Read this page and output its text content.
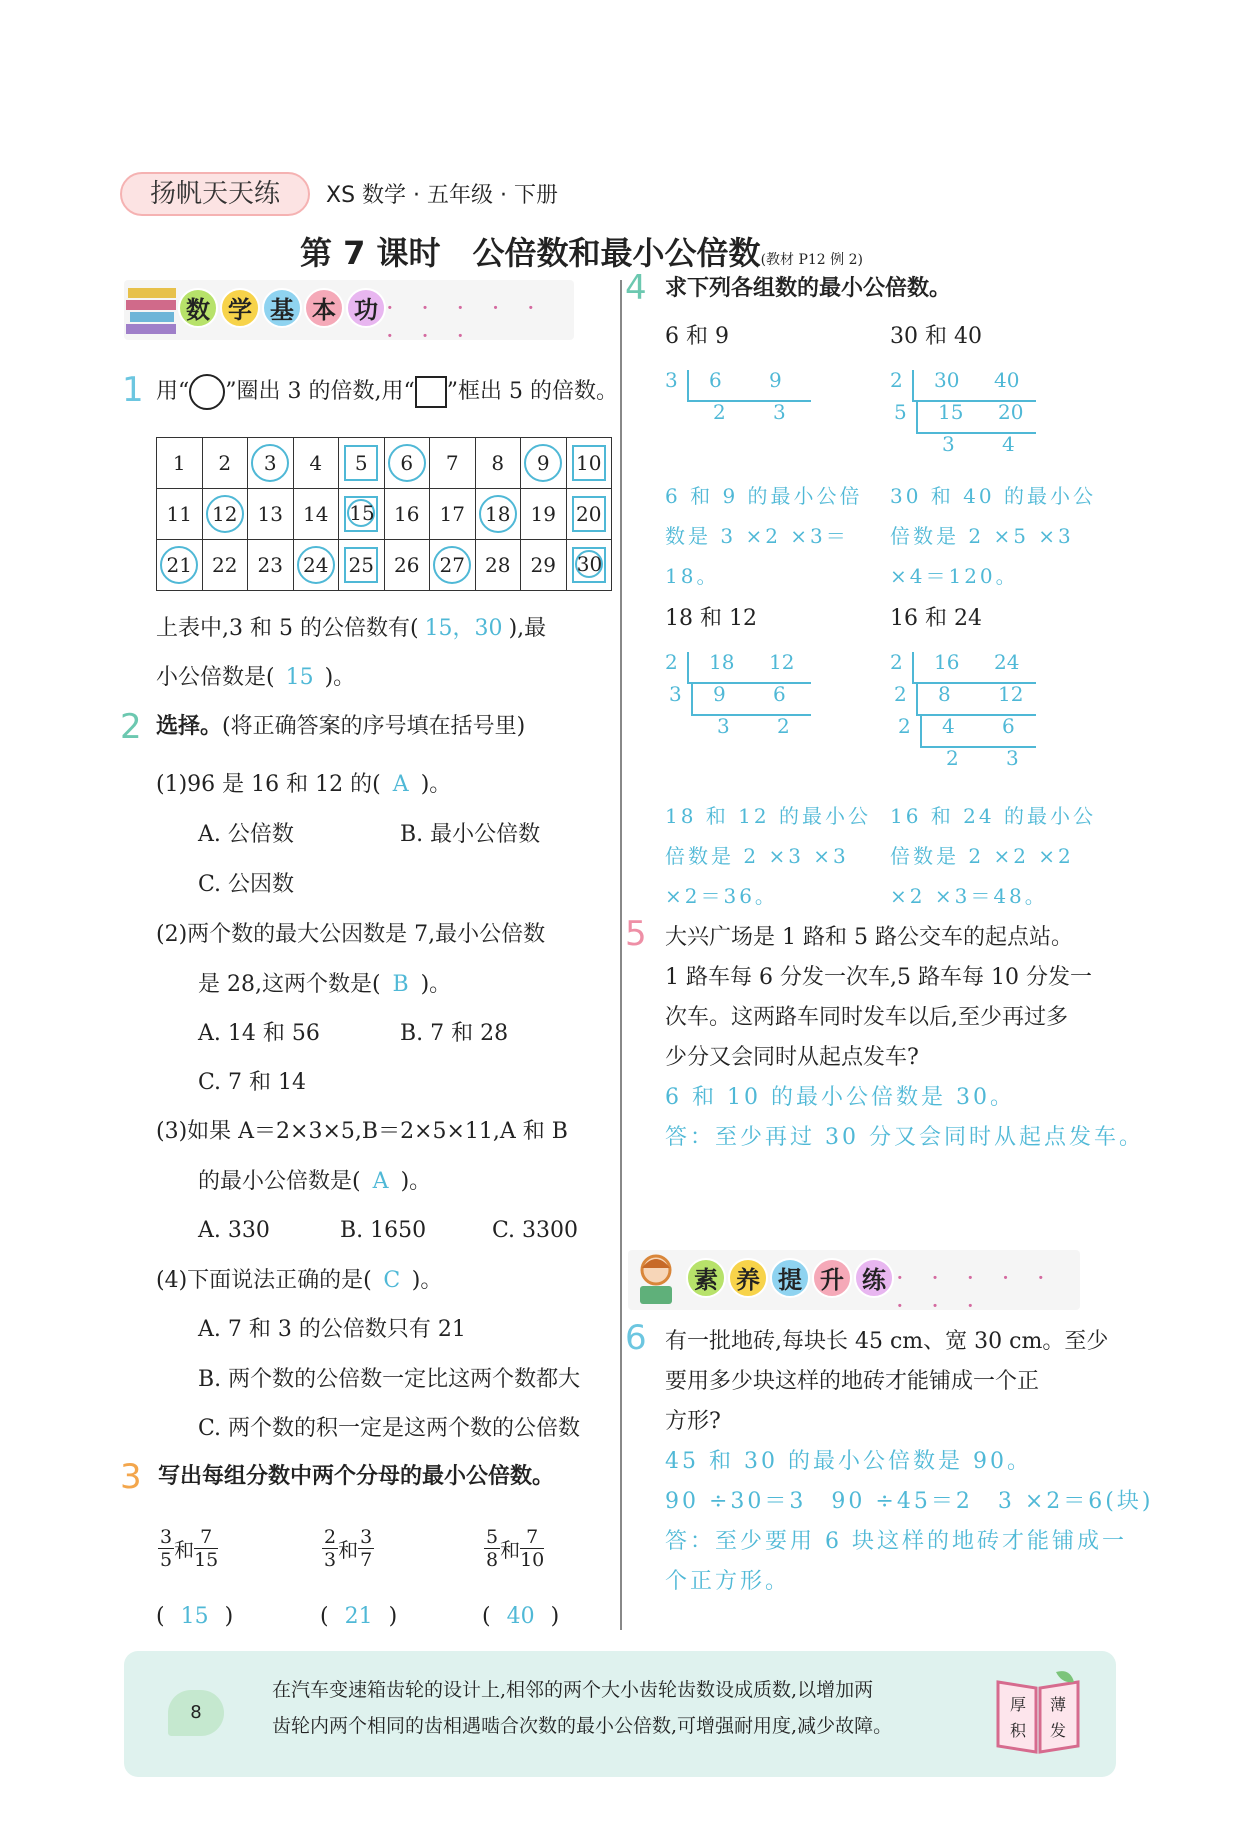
扬帆天天练	XS 数学 · 五年级 · 下册
第 7 课时　公倍数和最小公倍数(教材 P12 例 2)
数 学 基 本 功 · · · · · · · ·
1 用“ ”圈出 3 的倍数,用“ ”框出 5 的倍数。
1	2	3	4	5	6	7	8	9	10
11	12	13	14	15	16	17	18	19	20
21	22	23	24	25	26	27	28	29	30
上表中,3 和 5 的公倍数有( 15，30 ),最
小公倍数是( 15 )。
2 选择。(将正确答案的序号填在括号里)
(1)96 是 16 和 12 的( A )。
A. 公倍数	B. 最小公倍数
C. 公因数
(2)两个数的最大公因数是 7,最小公倍数
是 28,这两个数是( B )。
A. 14 和 56	B. 7 和 28
C. 7 和 14
(3)如果 A＝2×3×5,B＝2×5×11,A 和 B
的最小公倍数是( A )。
A. 330	B. 1650	C. 3300
(4)下面说法正确的是( C )。
A. 7 和 3 的公倍数只有 21
B. 两个数的公倍数一定比这两个数都大
C. 两个数的积一定是这两个数的公倍数
3 写出每组分数中两个分母的最小公倍数。
$\frac{3}{5}$ 和 $\frac{7}{15}$
( 15 )
$\frac{2}{3}$ 和 $\frac{3}{7}$
( 21 )
$\frac{5}{8}$ 和 $\frac{7}{10}$
( 40 )
4 求下列各组数的最小公倍数。
6 和 9
3 6 9
2 3
6 和 9 的最小公倍
数是 3 ×2 ×3＝
18。
30 和 40
2 30 40
5 15 20
3 4
30 和 40 的最小公
倍数是 2 ×5 ×3
×4＝120。
18 和 12
2 18 12
3 9 6
3 2
18 和 12 的最小公
倍数是 2 ×3 ×3
×2＝36。
16 和 24
2 16 24
2 8 12
2 4 6
2 3
16 和 24 的最小公
倍数是 2 ×2 ×2
×2 ×3＝48。
5 大兴广场是 1 路和 5 路公交车的起点站。
1 路车每 6 分发一次车,5 路车每 10 分发一
次车。这两路车同时发车以后,至少再过多
少分又会同时从起点发车?
6 和 10 的最小公倍数是 30。
答：至少再过 30 分又会同时从起点发车。
素 养 提 升 练 · · · · · · · ·
6 有一批地砖,每块长 45 cm、宽 30 cm。至少
要用多少块这样的地砖才能铺成一个正
方形?
45 和 30 的最小公倍数是 90。
90 ÷30＝3　90 ÷45＝2　3 ×2＝6(块)
答：至少要用 6 块这样的地砖才能铺成一
个正方形。
8
在汽车变速箱齿轮的设计上,相邻的两个大小齿轮齿数设成质数,以增加两
齿轮内两个相同的齿相遇啮合次数的最小公倍数,可增强耐用度,减少故障。
厚 薄
积 发
